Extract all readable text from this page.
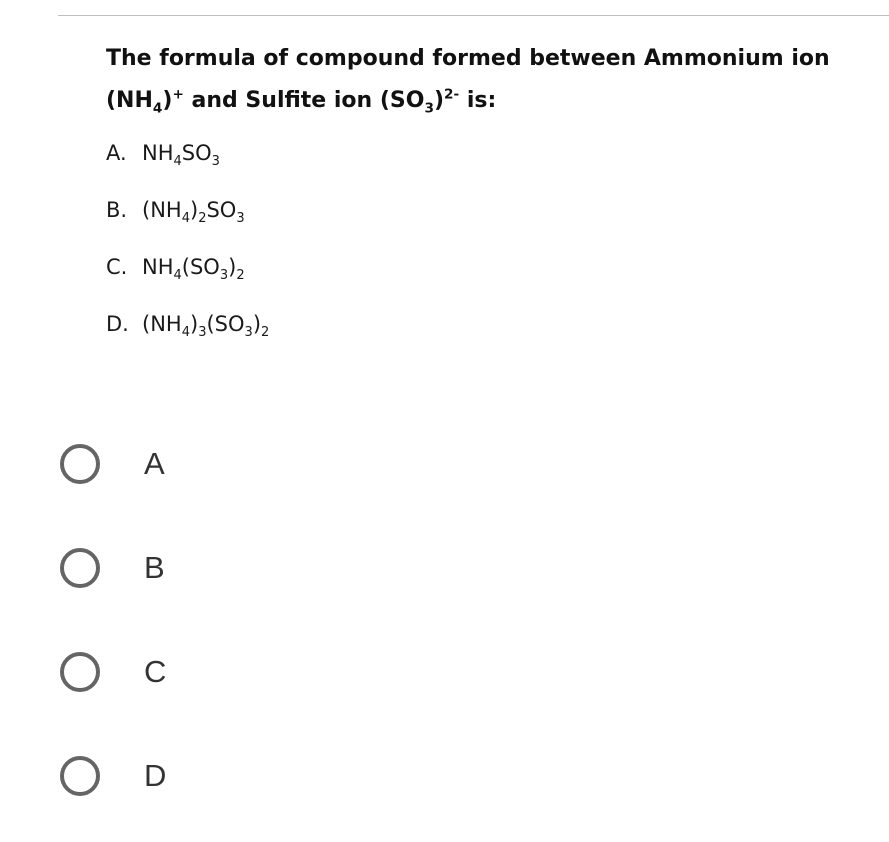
The formula of compound formed between Ammonium ion
$(NH_4)^+$ and Sulfite ion $(SO_3)^{2-}$ is:

A. $NH_4SO_3$
B. $(NH_4)_2SO_3$
C. $NH_4(SO_3)_2$
D. $(NH_4)_3(SO_3)_2$
A
B
C
D
